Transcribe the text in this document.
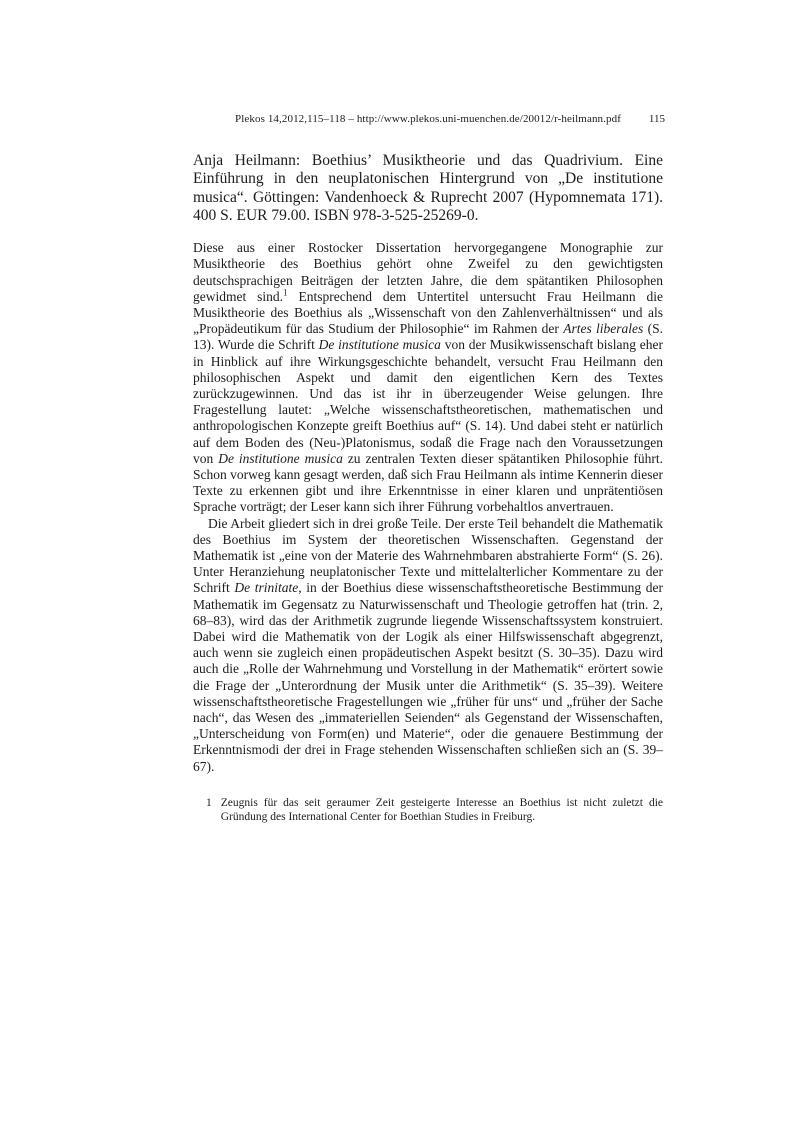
Plekos 14,2012,115–118 – http://www.plekos.uni-muenchen.de/20012/r-heilmann.pdf	115
Anja Heilmann: Boethius’ Musiktheorie und das Quadrivium. Eine Einführung in den neuplatonischen Hintergrund von „De institutione musica“. Göttingen: Vandenhoeck & Ruprecht 2007 (Hypomnemata 171). 400 S. EUR 79.00. ISBN 978-3-525-25269-0.

Diese aus einer Rostocker Dissertation hervorgegangene Monographie zur Musiktheorie des Boethius gehört ohne Zweifel zu den gewichtigsten deutschsprachigen Beiträgen der letzten Jahre, die dem spätantiken Philosophen gewidmet sind.$^1$ Entsprechend dem Untertitel untersucht Frau Heilmann die Musiktheorie des Boethius als „Wissenschaft von den Zahlenverhältnissen“ und als „Propädeutikum für das Studium der Philosophie“ im Rahmen der Artes liberales (S. 13). Wurde die Schrift De institutione musica von der Musikwissenschaft bislang eher in Hinblick auf ihre Wirkungsgeschichte behandelt, versucht Frau Heilmann den philosophischen Aspekt und damit den eigentlichen Kern des Textes zurückzugewinnen. Und das ist ihr in überzeugender Weise gelungen. Ihre Fragestellung lautet: „Welche wissenschaftstheoretischen, mathematischen und anthropologischen Konzepte greift Boethius auf“ (S. 14). Und dabei steht er natürlich auf dem Boden des (Neu-)Platonismus, sodaß die Frage nach den Voraussetzungen von De institutione musica zu zentralen Texten dieser spätantiken Philosophie führt. Schon vorweg kann gesagt werden, daß sich Frau Heilmann als intime Kennerin dieser Texte zu erkennen gibt und ihre Erkenntnisse in einer klaren und unprätentiösen Sprache vorträgt; der Leser kann sich ihrer Führung vorbehaltlos anvertrauen.

Die Arbeit gliedert sich in drei große Teile. Der erste Teil behandelt die Mathematik des Boethius im System der theoretischen Wissenschaften. Gegenstand der Mathematik ist „eine von der Materie des Wahrnehmbaren abstrahierte Form“ (S. 26). Unter Heranziehung neuplatonischer Texte und mittelalterlicher Kommentare zu der Schrift De trinitate, in der Boethius diese wissenschaftstheoretische Bestimmung der Mathematik im Gegensatz zu Naturwissenschaft und Theologie getroffen hat (trin. 2, 68–83), wird das der Arithmetik zugrunde liegende Wissenschaftssystem konstruiert. Dabei wird die Mathematik von der Logik als einer Hilfswissenschaft abgegrenzt, auch wenn sie zugleich einen propädeutischen Aspekt besitzt (S. 30–35). Dazu wird auch die „Rolle der Wahrnehmung und Vorstellung in der Mathematik“ erörtert sowie die Frage der „Unterordnung der Musik unter die Arithmetik“ (S. 35–39). Weitere wissenschaftstheoretische Fragestellungen wie „früher für uns“ und „früher der Sache nach“, das Wesen des „immateriellen Seienden“ als Gegenstand der Wissenschaften, „Unterscheidung von Form(en) und Materie“, oder die genauere Bestimmung der Erkenntnismodi der drei in Frage stehenden Wissenschaften schließen sich an (S. 39–67).

1 Zeugnis für das seit geraumer Zeit gesteigerte Interesse an Boethius ist nicht zuletzt die Gründung des International Center for Boethian Studies in Freiburg.
